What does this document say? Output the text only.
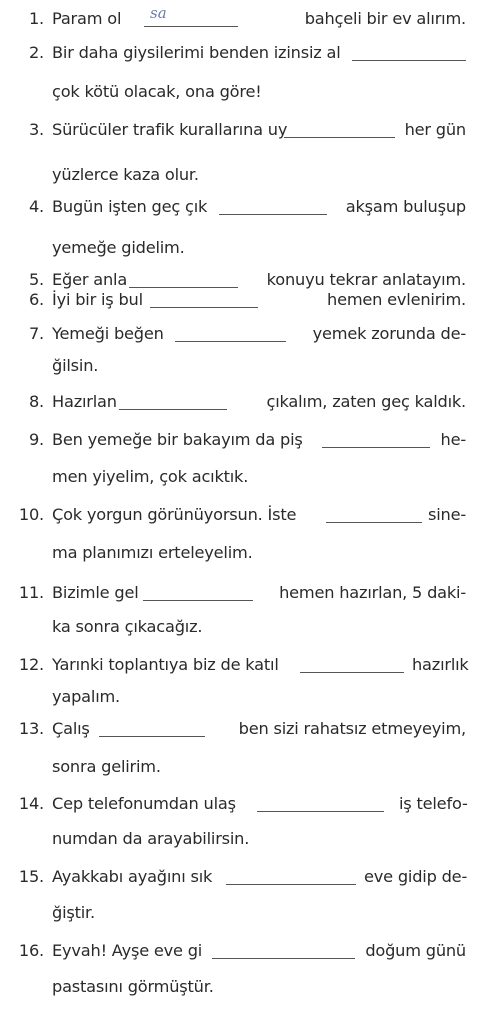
1. Param ol sa	bahçeli bir ev alırım.
2. Bir daha giysilerimi benden izinsiz al
çok kötü olacak, ona göre!
3. Sürücüler trafik kurallarına uy	her gün
yüzlerce kaza olur.
4. Bugün işten geç çık	akşam buluşup
yemeğe gidelim.
5. Eğer anla	konuyu tekrar anlatayım.
6. İyi bir iş bul	hemen evlenirim.
7. Yemeği beğen	yemek zorunda de-
ğilsin.
8. Hazırlan	çıkalım, zaten geç kaldık.
9. Ben yemeğe bir bakayım da piş	he-
men yiyelim, çok acıktık.
10. Çok yorgun görünüyorsun. İste	sine-
ma planımızı erteleyelim.
11. Bizimle gel	hemen hazırlan, 5 daki-
ka sonra çıkacağız.
12. Yarınki toplantıya biz de katıl	hazırlık
yapalım.
13. Çalış	ben sizi rahatsız etmeyeyim,
sonra gelirim.
14. Cep telefonumdan ulaş	iş telefo-
numdan da arayabilirsin.
15. Ayakkabı ayağını sık	eve gidip de-
ğiştir.
16. Eyvah! Ayşe eve gi	doğum günü
pastasını görmüştür.
